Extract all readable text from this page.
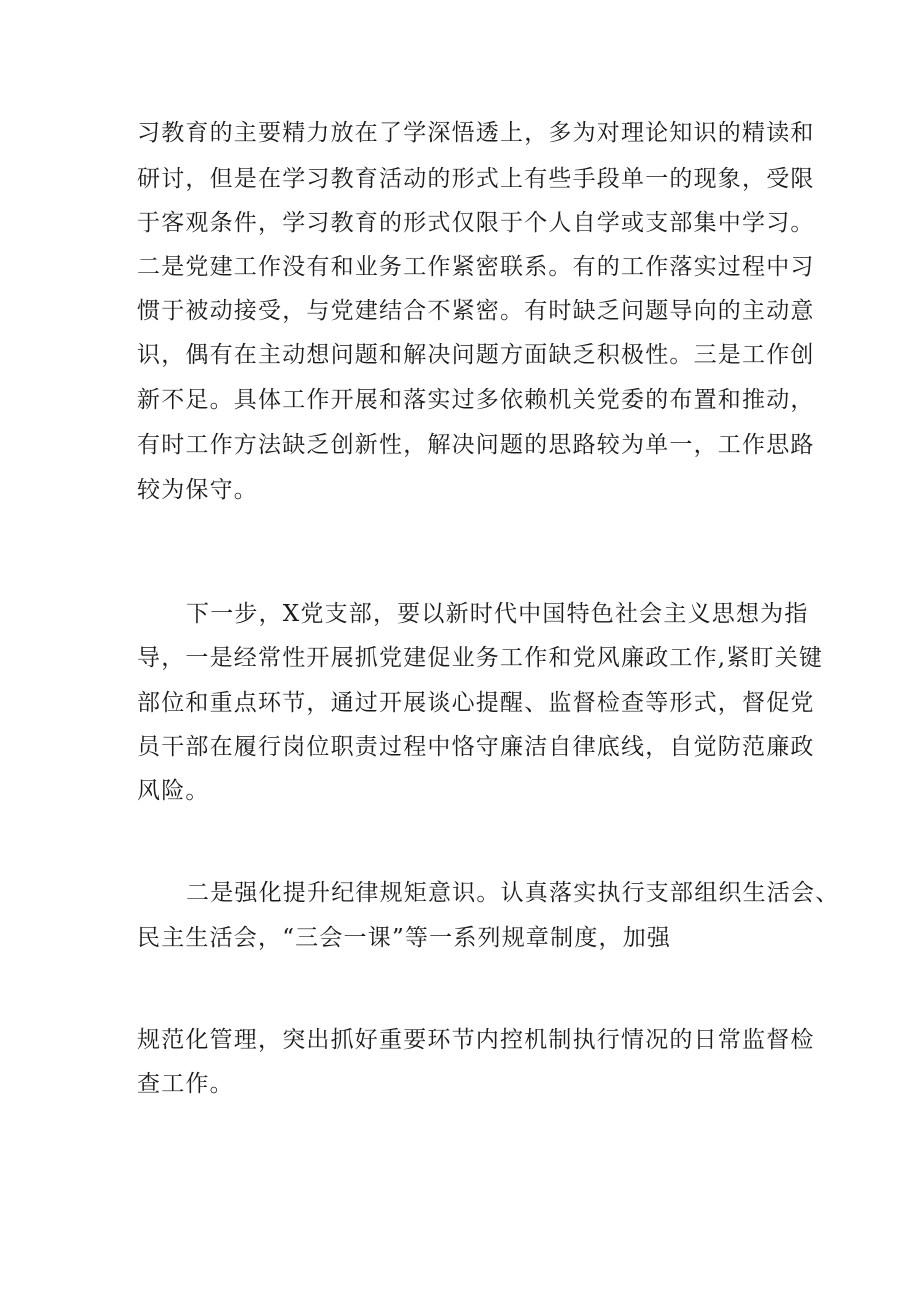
习教育的主要精力放在了学深悟透上，多为对理论知识的精读和
研讨，但是在学习教育活动的形式上有些手段单一的现象，受限
于客观条件，学习教育的形式仅限于个人自学或支部集中学习。
二是党建工作没有和业务工作紧密联系。有的工作落实过程中习
惯于被动接受，与党建结合不紧密。有时缺乏问题导向的主动意
识，偶有在主动想问题和解决问题方面缺乏积极性。三是工作创
新不足。具体工作开展和落实过多依赖机关党委的布置和推动，
有时工作方法缺乏创新性，解决问题的思路较为单一，工作思路
较为保守。
下一步，X党支部，要以新时代中国特色社会主义思想为指
导，一是经常性开展抓党建促业务工作和党风廉政工作,紧盯关键
部位和重点环节，通过开展谈心提醒、监督检查等形式，督促党
员干部在履行岗位职责过程中恪守廉洁自律底线，自觉防范廉政
风险。
二是强化提升纪律规矩意识。认真落实执行支部组织生活会、
民主生活会，“三会一课”等一系列规章制度，加强
规范化管理，突出抓好重要环节内控机制执行情况的日常监督检
查工作。
